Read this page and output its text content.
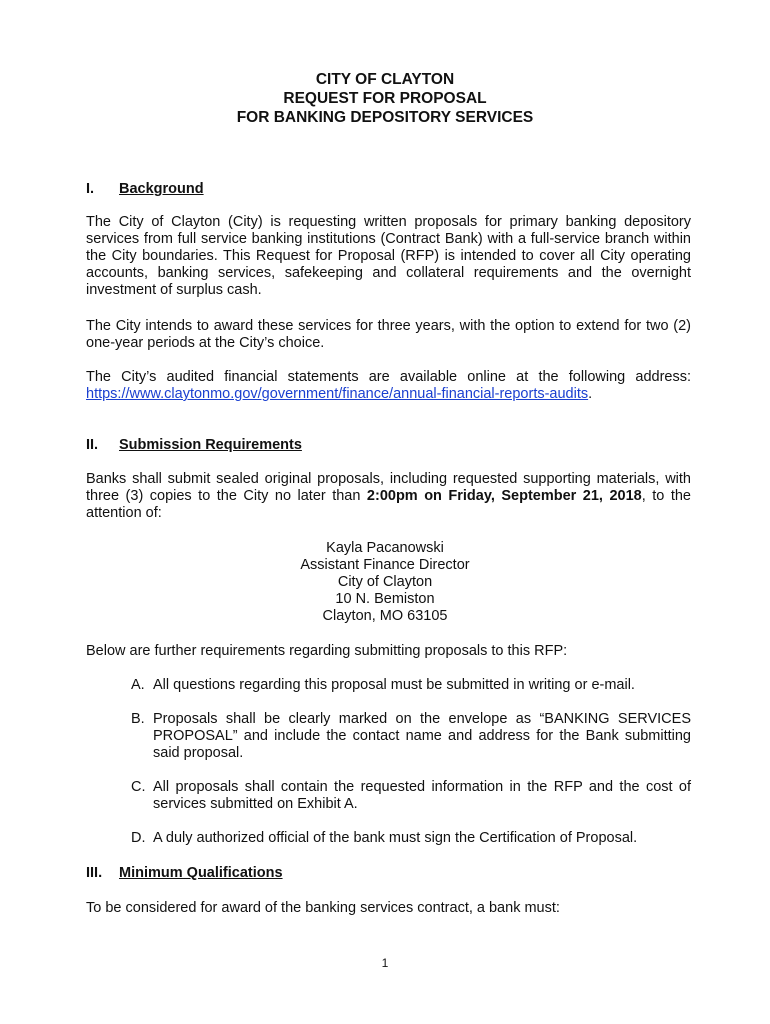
CITY OF CLAYTON
REQUEST FOR PROPOSAL
FOR BANKING DEPOSITORY SERVICES
I. Background
The City of Clayton (City) is requesting written proposals for primary banking depository services from full service banking institutions (Contract Bank) with a full-service branch within the City boundaries. This Request for Proposal (RFP) is intended to cover all City operating accounts, banking services, safekeeping and collateral requirements and the overnight investment of surplus cash.
The City intends to award these services for three years, with the option to extend for two (2) one-year periods at the City’s choice.
The City’s audited financial statements are available online at the following address: https://www.claytonmo.gov/government/finance/annual-financial-reports-audits.
II. Submission Requirements
Banks shall submit sealed original proposals, including requested supporting materials, with three (3) copies to the City no later than 2:00pm on Friday, September 21, 2018, to the attention of:
Kayla Pacanowski
Assistant Finance Director
City of Clayton
10 N. Bemiston
Clayton, MO 63105
Below are further requirements regarding submitting proposals to this RFP:
A. All questions regarding this proposal must be submitted in writing or e-mail.
B. Proposals shall be clearly marked on the envelope as “BANKING SERVICES PROPOSAL” and include the contact name and address for the Bank submitting said proposal.
C. All proposals shall contain the requested information in the RFP and the cost of services submitted on Exhibit A.
D. A duly authorized official of the bank must sign the Certification of Proposal.
III. Minimum Qualifications
To be considered for award of the banking services contract, a bank must:
1
